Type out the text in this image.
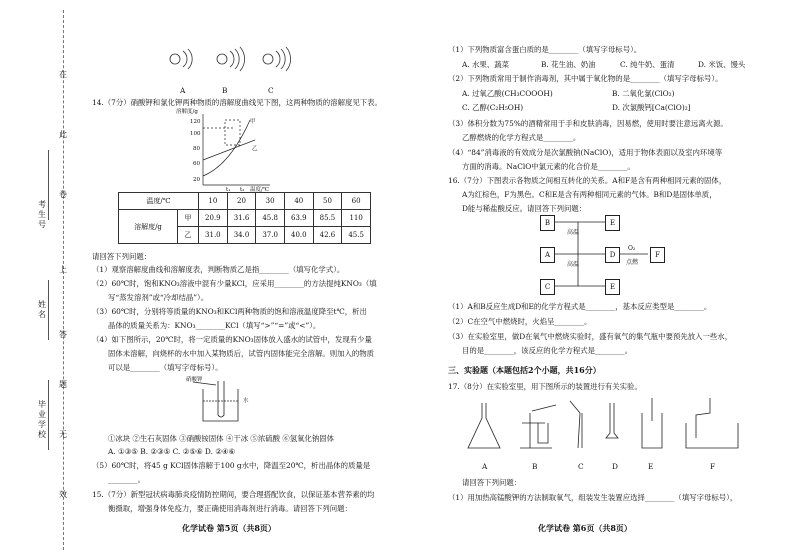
在
此
卷
上
答
题
无
效
考生号
姓名
毕业学校
A	B	C
14.（7分）硝酸钾和氯化钾两种物质的溶解度曲线见下图，这两种物质的溶解度见下表。
溶解度/g
120
100
80
60
20
甲
乙
t₁ t₂ 温度/℃
温度/℃		10	20	30	40	50	60
溶解度/g	甲	20.9	31.6	45.8	63.9	85.5	110
	乙	31.0	34.0	37.0	40.0	42.6	45.5
请回答下列问题：
（1）观察溶解度曲线和溶解度表，判断物质乙是指________（填写化学式）。
（2）60℃时，饱和KNO₃溶液中混有少量KCl，应采用________的方法提纯KNO₃（填
写“蒸发溶剂”或“冷却结晶”）。
（3）60℃时，分别将等质量的KNO₃和KCl两种物质的饱和溶液温度降至t℃，析出
晶体的质量关系为：KNO₃________KCl（填写“>”“=”或“<”）。
（4）如下图所示，20℃时，将一定质量的KNO₃固体放入盛水的试管中，发现有少量
固体未溶解，向烧杯的水中加入某物质后，试管内固体能完全溶解。则加入的物质
可以是________（填写字母标号）。
硝酸钾
水
①冰块 ②生石灰固体 ③硝酸铵固体 ④干冰 ⑤浓硫酸 ⑥氢氧化钠固体
A. ①③⑤ B. ②③⑤ C. ②⑤⑥ D. ②④⑥
（5）60℃时，将45 g KCl固体溶解于100 g水中，降温至20℃，析出晶体的质量是
________。
15.（7分）新型冠状病毒肺炎疫情防控期间，要合理搭配饮食，以保证基本营养素的均
衡摄取，增强身体免疫力，要正确使用消毒剂进行消毒。请回答下列问题：
化学试卷 第5页（共8页）
（1）下列物质富含蛋白质的是________（填写字母标号）。
A. 水果、蔬菜	B. 花生油、奶油	C. 纯牛奶、蛋清	D. 米饭、馒头
（2）下列物质常用于制作消毒剂，其中属于氧化物的是________（填写字母标号）。
A. 过氧乙酸(CH₃COOOH)	B. 二氧化氯(ClO₂)
C. 乙醇(C₂H₅OH)	D. 次氯酸钙[Ca(ClO)₂]
（3）体积分数为75%的酒精常用于手和皮肤消毒，因易燃，使用时要注意远离火源。
乙醇燃烧的化学方程式是________。
（4）“84”消毒液的有效成分是次氯酸钠(NaClO)，适用于物体表面以及室内环境等
方面的消毒。NaClO中氯元素的化合价是________。
16.（7分）下图表示各物质之间相互转化的关系。A和F是含有两种相同元素的固体，
A为红棕色，F为黑色。C和E是含有两种相同元素的气体。B和D是固体单质，
D能与稀盐酸反应。请回答下列问题：
B	E
A	D	F
C	E
高温
高温
O₂
点燃
（1）A和B反应生成D和E的化学方程式是________，基本反应类型是________。
（2）C在空气中燃烧时，火焰呈________。
（3）在实验室里，做D在氧气中燃烧实验时，盛有氧气的集气瓶中要预先放入一些水，
目的是________，该反应的化学方程式是________。
三、实验题（本题包括2个小题，共16分）
17.（8分）在实验室里，用下图所示的装置进行有关实验。
A	B	C	D	E	F
请回答下列问题：
（1）用加热高锰酸钾的方法制取氧气，组装发生装置应选择________（填写字母标号），
化学试卷 第6页（共8页）
